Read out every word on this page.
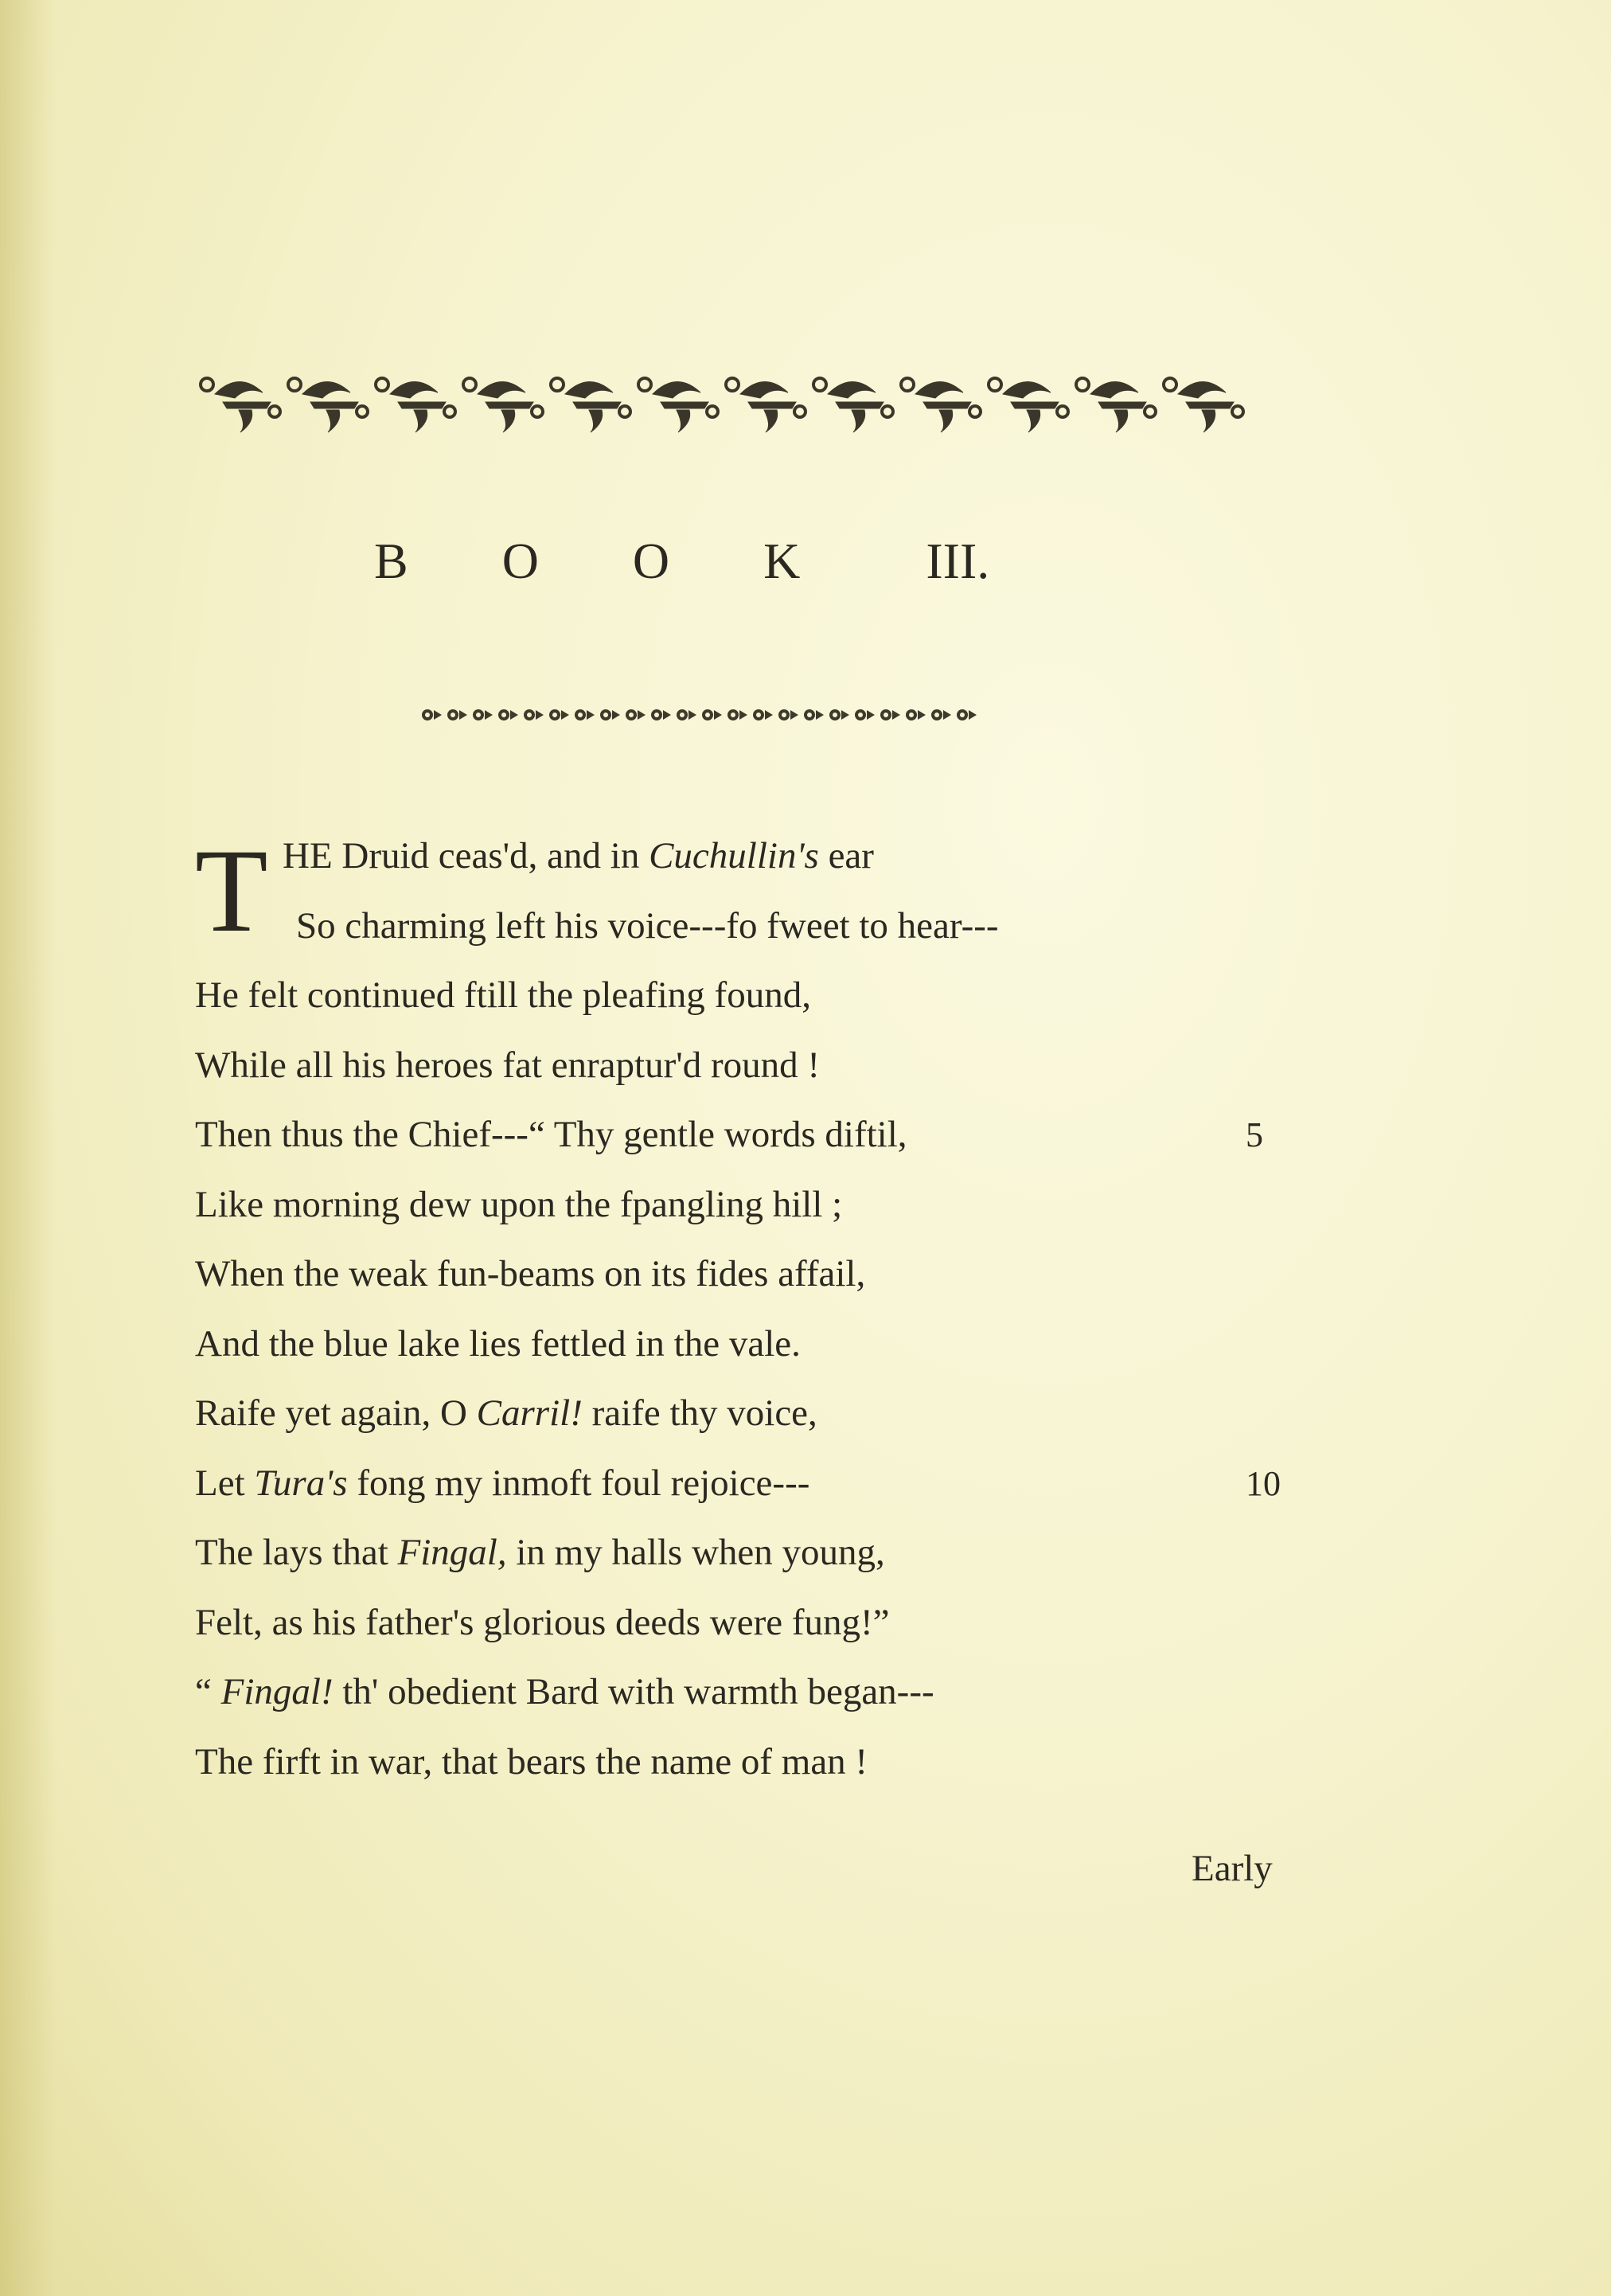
BOOK III.
T HE Druid ceas'd, and in Cuchullin's ear
So charming left his voice---fo fweet to hear---
He felt continued ftill the pleafing found,
While all his heroes fat enraptur'd round !
Then thus the Chief---“ Thy gentle words diftil,	5
Like morning dew upon the fpangling hill ;
When the weak fun-beams on its fides affail,
And the blue lake lies fettled in the vale.
Raife yet again, O Carril! raife thy voice,
Let Tura's fong my inmoft foul rejoice---	10
The lays that Fingal, in my halls when young,
Felt, as his father's glorious deeds were fung!”
“ Fingal! th' obedient Bard with warmth began---
The firft in war, that bears the name of man !
Early
